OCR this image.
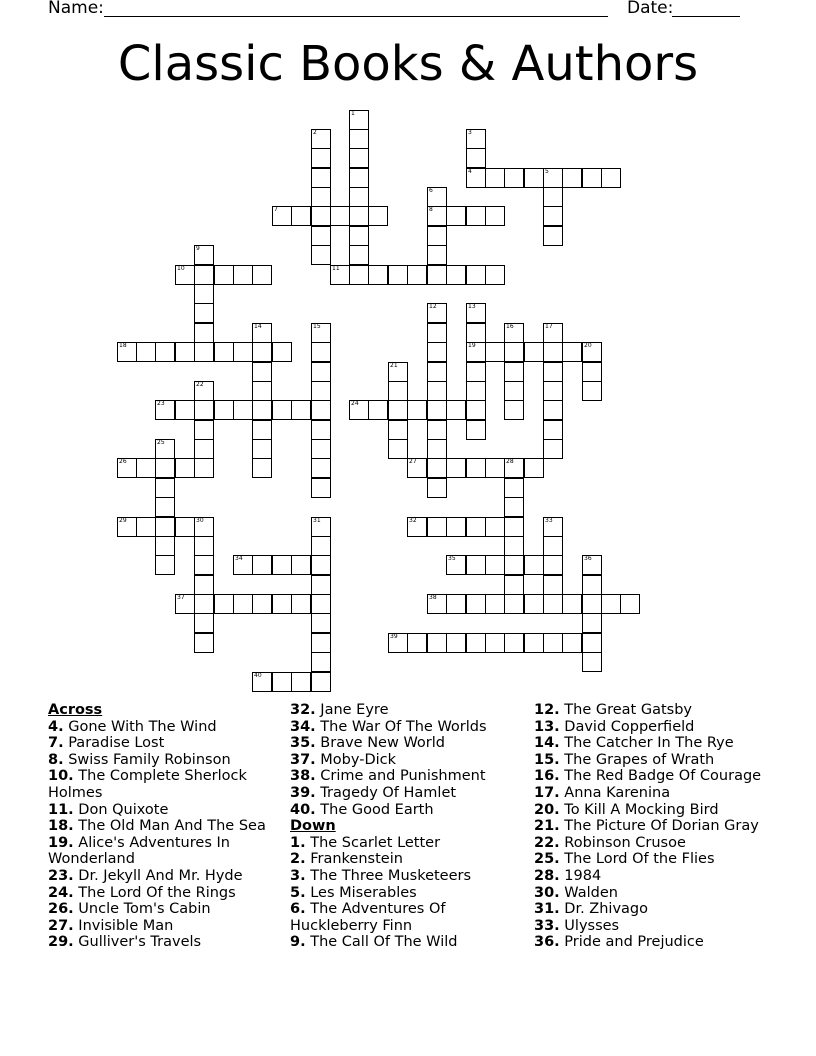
Name:	Date:
Classic Books & Authors
1
2	3
4	5
7
6
8
9
10	11
18
14	15
22
23
12	13
19	20
16	17
21
24
25
26
29
27	28
30	31	32	33
34	35	36
37	38
39
40
Across
4. Gone With The Wind
7. Paradise Lost
8. Swiss Family Robinson
10. The Complete Sherlock Holmes
11. Don Quixote
18. The Old Man And The Sea
19. Alice's Adventures In Wonderland
23. Dr. Jekyll And Mr. Hyde
24. The Lord Of the Rings
26. Uncle Tom's Cabin
27. Invisible Man
29. Gulliver's Travels
32. Jane Eyre
34. The War Of The Worlds
35. Brave New World
37. Moby-Dick
38. Crime and Punishment
39. Tragedy Of Hamlet
40. The Good Earth
Down
1. The Scarlet Letter
2. Frankenstein
3. The Three Musketeers
5. Les Miserables
6. The Adventures Of Huckleberry Finn
9. The Call Of The Wild
12. The Great Gatsby
13. David Copperfield
14. The Catcher In The Rye
15. The Grapes of Wrath
16. The Red Badge Of Courage
17. Anna Karenina
20. To Kill A Mocking Bird
21. The Picture Of Dorian Gray
22. Robinson Crusoe
25. The Lord Of the Flies
28. 1984
30. Walden
31. Dr. Zhivago
33. Ulysses
36. Pride and Prejudice
